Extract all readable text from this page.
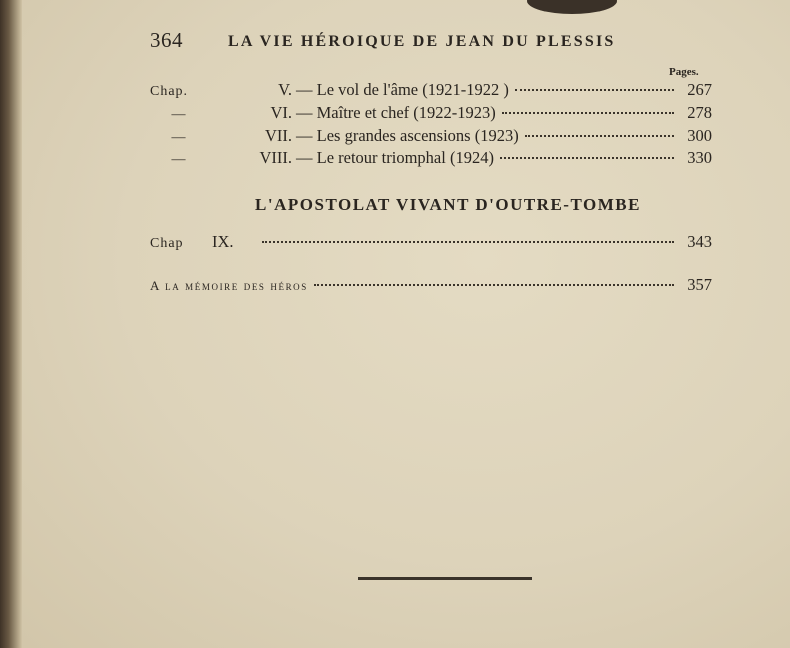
364	LA VIE HÉROIQUE DE JEAN DU PLESSIS
Pages.
Chap.	V. — Le vol de l'âme (1921-1922 )	267
—	VI. — Maître et chef (1922-1923)	278
—	VII. — Les grandes ascensions (1923)	300
—	VIII. — Le retour triomphal (1924)	330
L'APOSTOLAT VIVANT D'OUTRE-TOMBE
Chap	IX.	343
A la mémoire des héros	357
